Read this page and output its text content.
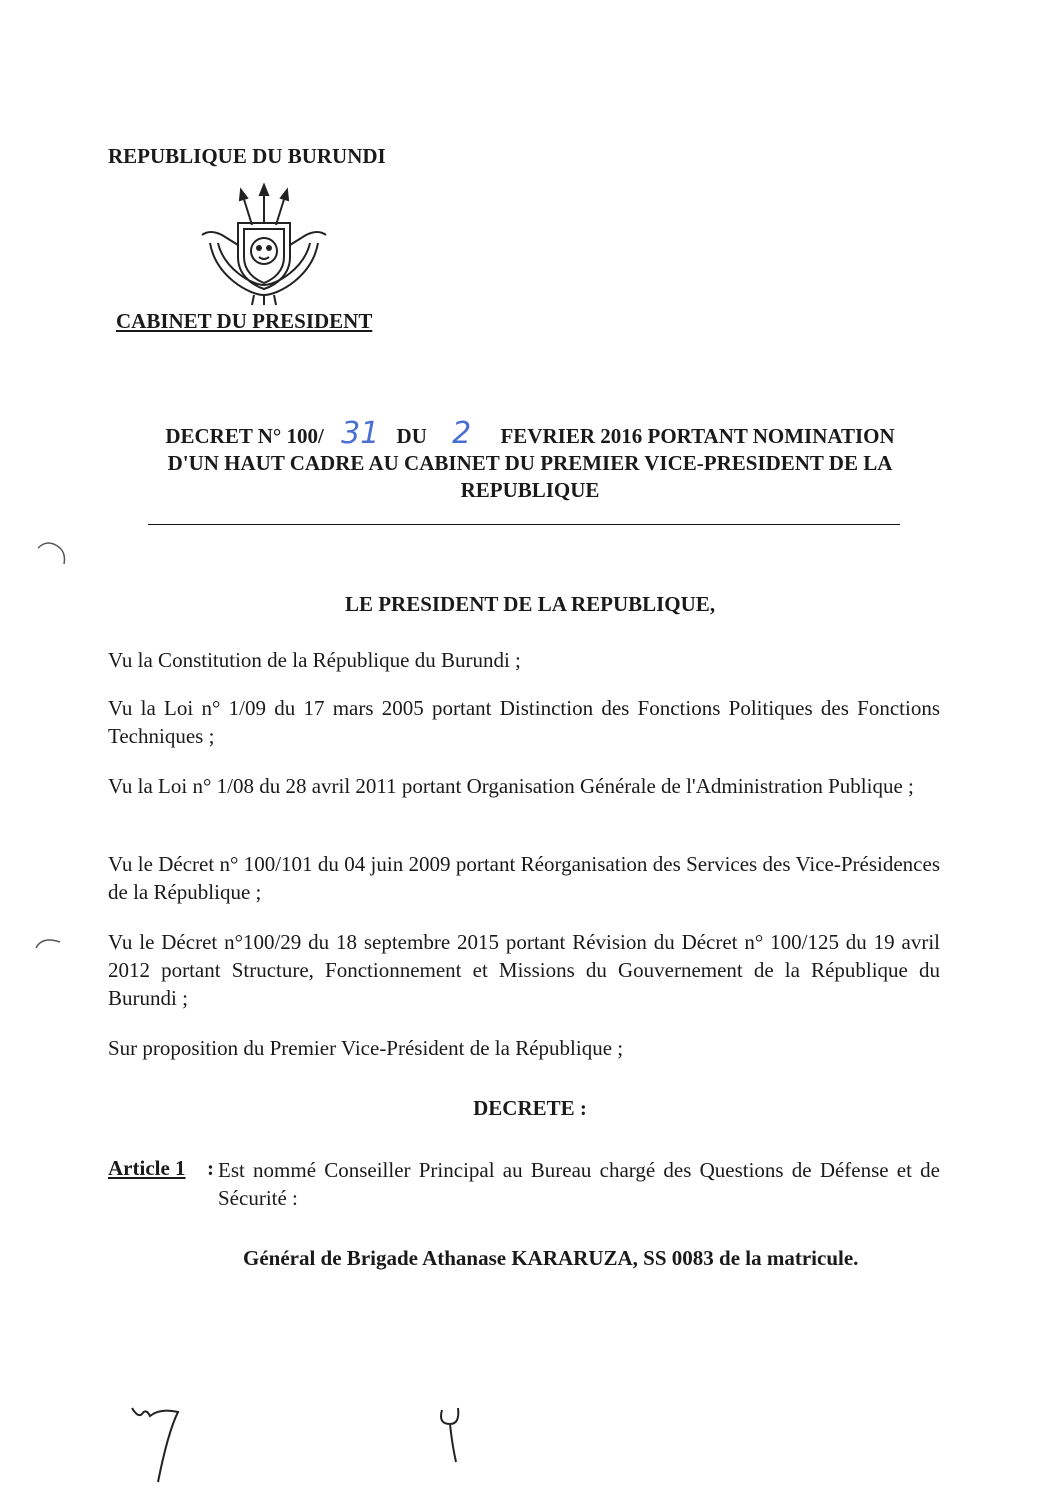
REPUBLIQUE DU BURUNDI
CABINET DU PRESIDENT
DECRET N° 100/ 31 DU 2 FEVRIER 2016 PORTANT NOMINATION
D'UN HAUT CADRE AU CABINET DU PREMIER VICE-PRESIDENT DE LA
REPUBLIQUE
LE PRESIDENT DE LA REPUBLIQUE,
Vu la Constitution de la République du Burundi ;
Vu la Loi n° 1/09 du 17 mars 2005 portant Distinction des Fonctions Politiques des Fonctions Techniques ;
Vu la Loi n° 1/08 du 28 avril 2011 portant Organisation Générale de l'Administration Publique ;
Vu le Décret n° 100/101 du 04 juin 2009 portant Réorganisation des Services des Vice-Présidences de la République ;
Vu le Décret n°100/29 du 18 septembre 2015 portant Révision du Décret n° 100/125 du 19 avril 2012 portant Structure, Fonctionnement et Missions du Gouvernement de la République du Burundi ;
Sur proposition du Premier Vice-Président de la République ;
DECRETE :
Article 1 : Est nommé Conseiller Principal au Bureau chargé des Questions de Défense et de Sécurité :
Général de Brigade Athanase KARARUZA, SS 0083 de la matricule.
